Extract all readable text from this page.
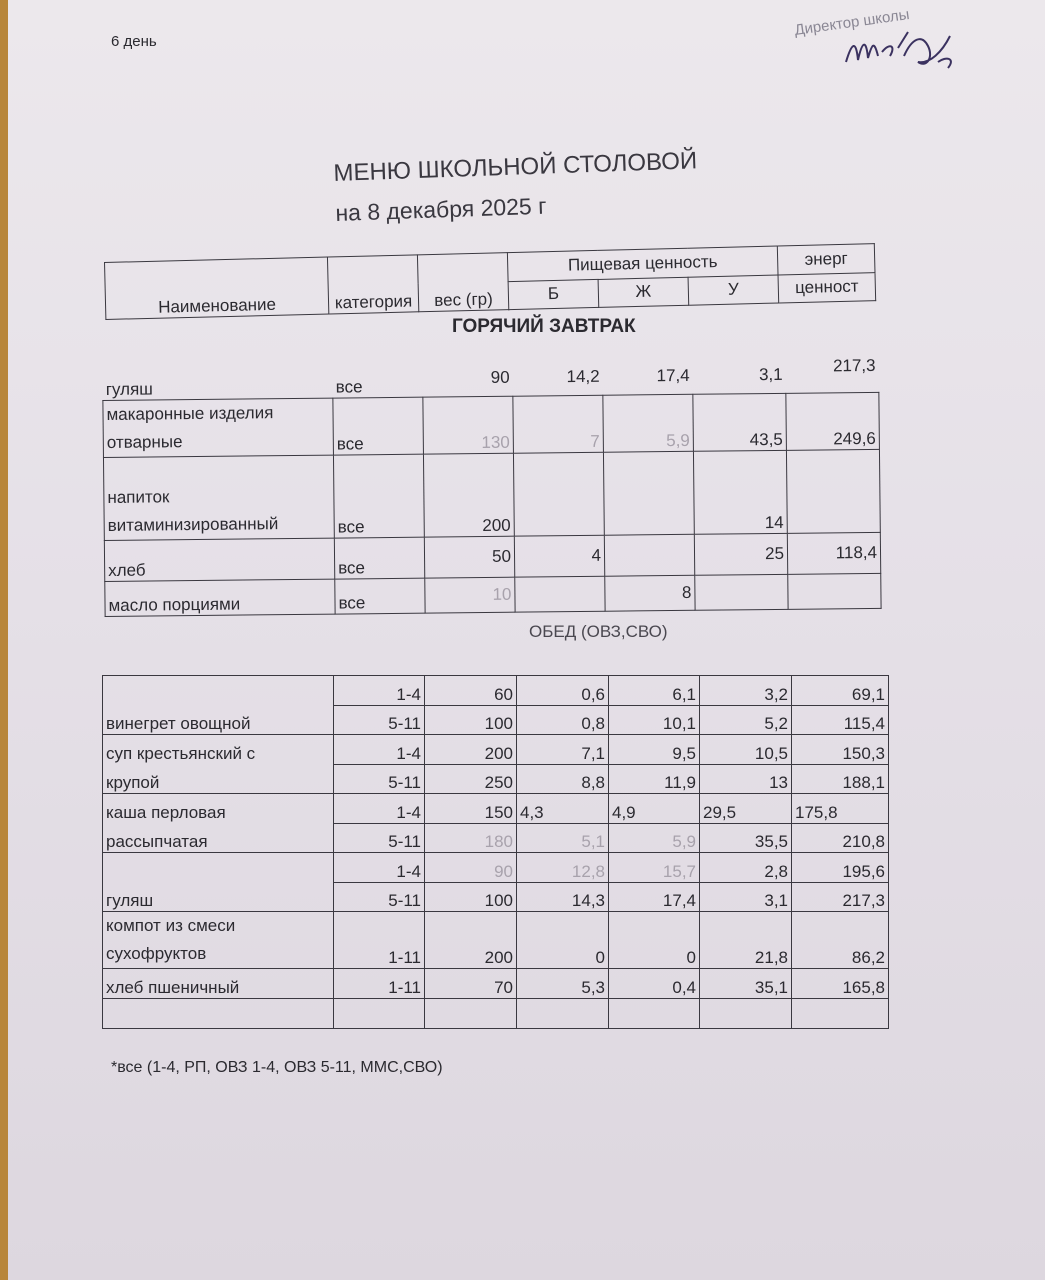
6 день
Директор школы
МЕНЮ ШКОЛЬНОЙ СТОЛОВОЙ
на 8 декабря 2025 г
Наименование	категория	вес (гр)	Пищевая ценность			энерг
			Б	Ж	У	ценност
ГОРЯЧИЙ ЗАВТРАК
гуляш	все	90	14,2	17,4	3,1	217,3
макаронные изделия
отварные	все	130	7	5,9	43,5	249,6
напиток
витаминизированный	все	200			14	
хлеб	все	50	4		25	118,4
масло порциями	все	10		8		
ОБЕД (ОВЗ,СВО)
	1-4	60	0,6	6,1	3,2	69,1
винегрет овощной	5-11	100	0,8	10,1	5,2	115,4
суп крестьянский с	1-4	200	7,1	9,5	10,5	150,3
крупой	5-11	250	8,8	11,9	13	188,1
каша перловая	1-4	150	4,3	4,9	29,5	175,8
рассыпчатая	5-11	180	5,1	5,9	35,5	210,8
	1-4	90	12,8	15,7	2,8	195,6
гуляш	5-11	100	14,3	17,4	3,1	217,3
компот из смеси
сухофруктов	1-11	200	0	0	21,8	86,2
хлеб пшеничный	1-11	70	5,3	0,4	35,1	165,8

*все (1-4, РП, ОВЗ 1-4, ОВЗ 5-11, ММС,СВО)
